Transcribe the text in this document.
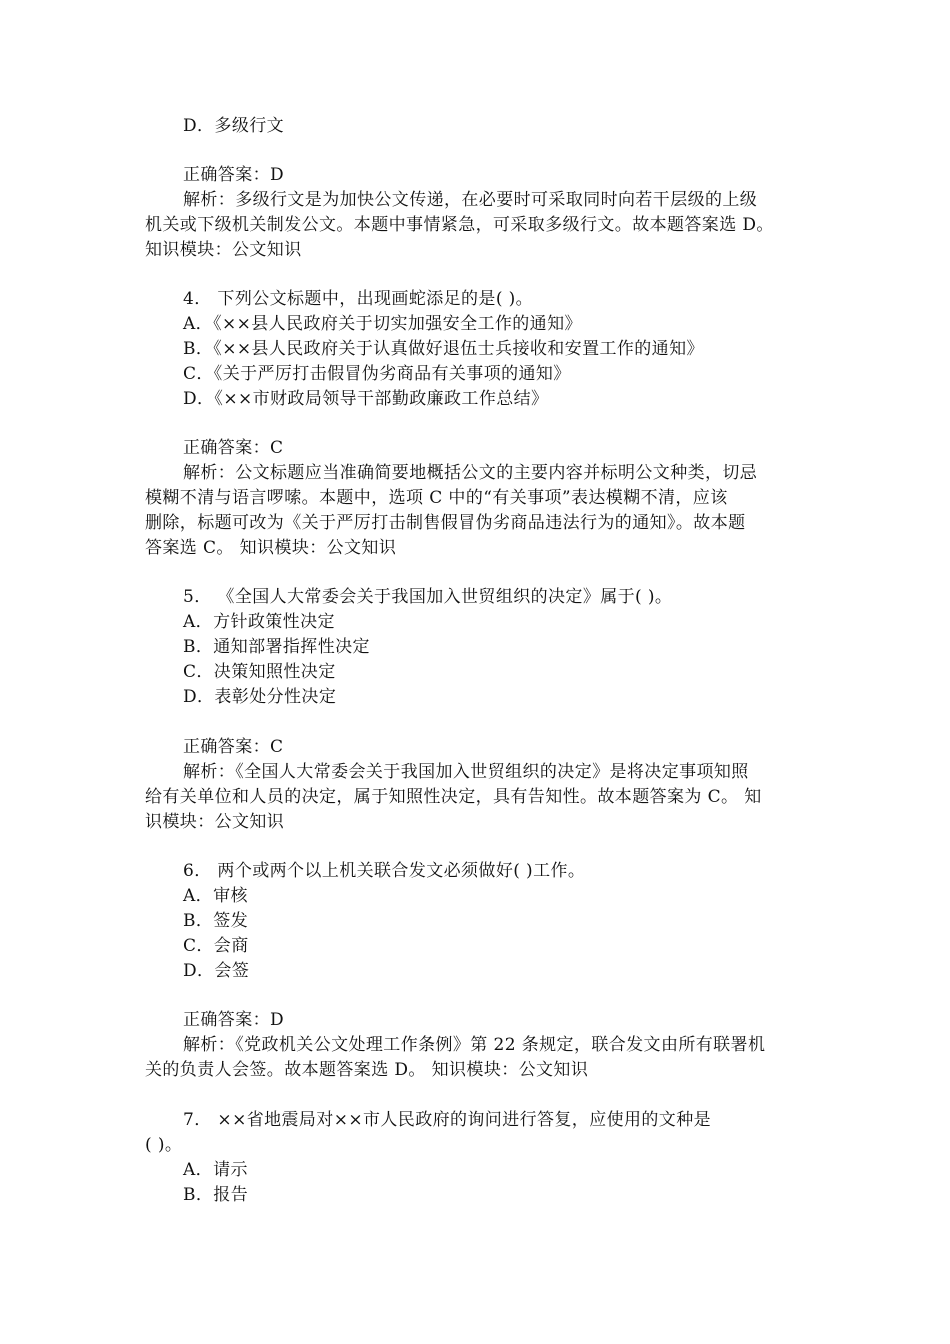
D．多级行文
正确答案：D
解析：多级行文是为加快公文传递，在必要时可采取同时向若干层级的上级
机关或下级机关制发公文。本题中事情紧急，可采取多级行文。故本题答案选 D。
知识模块：公文知识
4． 下列公文标题中，出现画蛇添足的是( )。
A．《××县人民政府关于切实加强安全工作的通知》
B．《××县人民政府关于认真做好退伍士兵接收和安置工作的通知》
C．《关于严厉打击假冒伪劣商品有关事项的通知》
D．《××市财政局领导干部勤政廉政工作总结》
正确答案：C
解析：公文标题应当准确简要地概括公文的主要内容并标明公文种类，切忌
模糊不清与语言啰嗦。本题中，选项 C 中的“有关事项”表达模糊不清，应该
删除，标题可改为《关于严厉打击制售假冒伪劣商品违法行为的通知》。故本题
答案选 C。 知识模块：公文知识
5． 《全国人大常委会关于我国加入世贸组织的决定》属于( )。
A．方针政策性决定
B．通知部署指挥性决定
C．决策知照性决定
D．表彰处分性决定
正确答案：C
解析：《全国人大常委会关于我国加入世贸组织的决定》是将决定事项知照
给有关单位和人员的决定，属于知照性决定，具有告知性。故本题答案为 C。 知
识模块：公文知识
6． 两个或两个以上机关联合发文必须做好( )工作。
A．审核
B．签发
C．会商
D．会签
正确答案：D
解析：《党政机关公文处理工作条例》第 22 条规定，联合发文由所有联署机
关的负责人会签。故本题答案选 D。 知识模块：公文知识
7． ××省地震局对××市人民政府的询问进行答复，应使用的文种是
( )。
A．请示
B．报告
